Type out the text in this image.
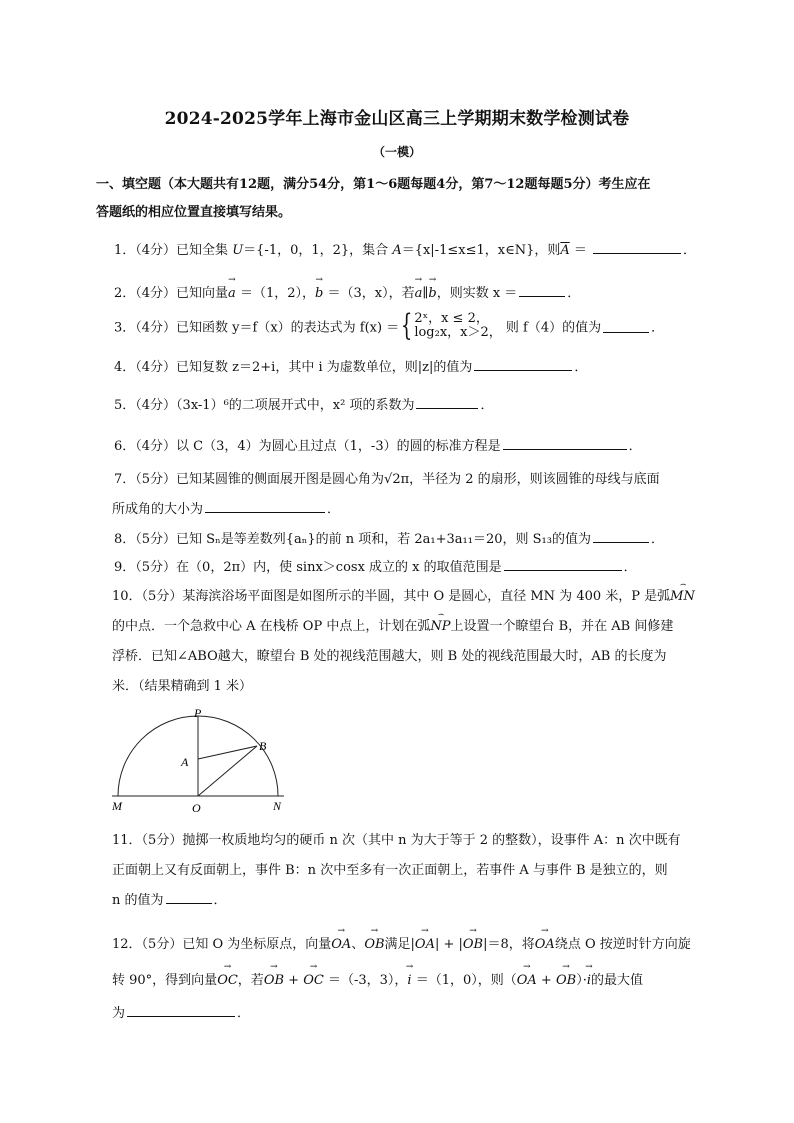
2024-2025学年上海市金山区高三上学期期末数学检测试卷
（一模）
一、填空题（本大题共有12题，满分54分，第1～6题每题4分，第7～12题每题5分）考生应在
答题纸的相应位置直接填写结果。
1．（4分）已知全集 U＝{-1，0，1，2}，集合 A＝{x|-1≤x≤1，x∈N}，则$\overline{A}$ ＝	．
2．（4分）已知向量→ a ＝（1，2），→ b ＝（3，x），若→ a∥→ b，则实数 x ＝	．
3．（4分）已知函数 y＝f（x）的表达式为 f(x) ＝{ 2ˣ，x ≤ 2，
log₂x，x＞2， 则 f（4）的值为	．
4．（4分）已知复数 z＝2+i，其中 i 为虚数单位，则|z|的值为	．
5．（4分）（3x-1）⁶的二项展开式中，x² 项的系数为	．
6．（4分）以 C（3，4）为圆心且过点（1，-3）的圆的标准方程是	．
7．（5分）已知某圆锥的侧面展开图是圆心角为√2π，半径为 2 的扇形，则该圆锥的母线与底面
所成角的大小为	．
8．（5分）已知 Sₙ是等差数列{aₙ}的前 n 项和，若 2a₁+3a₁₁＝20，则 S₁₃的值为	．
9．（5分）在（0，2π）内，使 sinx＞cosx 成立的 x 的取值范围是	．
10．（5分）某海滨浴场平面图是如图所示的半圆，其中 O 是圆心，直径 MN 为 400 米，P 是弧⌢ MN
的中点．一个急救中心 A 在栈桥 OP 中点上，计划在弧⌢ NP上设置一个瞭望台 B，并在 AB 间修建
浮桥．已知∠ABO越大，瞭望台 B 处的视线范围越大，则 B 处的视线范围最大时，AB 的长度为
米．（结果精确到 1 米）
P
A
B
M	O	N
11．（5分）抛掷一枚质地均匀的硬币 n 次（其中 n 为大于等于 2 的整数），设事件 A：n 次中既有
正面朝上又有反面朝上，事件 B：n 次中至多有一次正面朝上，若事件 A 与事件 B 是独立的，则
n 的值为	．
12．（5分）已知 O 为坐标原点，向量→ OA、→ OB满足|→ OA| + |→ OB|＝8，将→ OA绕点 O 按逆时针方向旋
转 90°，得到向量→ OC，若→ OB + → OC ＝（-3，3），→ i ＝（1，0），则（→ OA + → OB）·→ i的最大值
为	．
